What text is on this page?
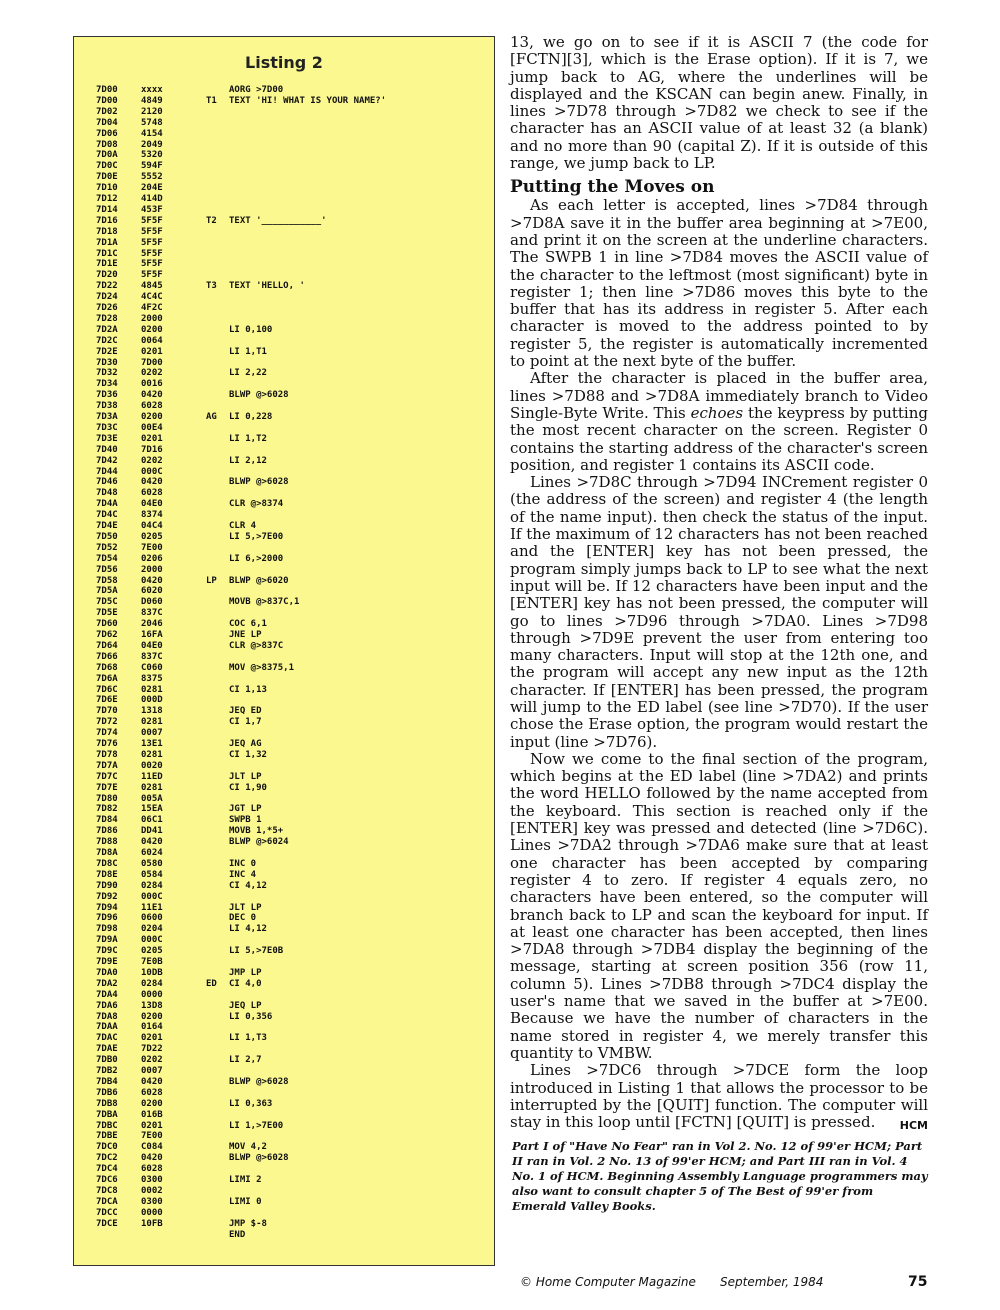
Listing 2
7D00	xxxx	AORG >7D00
7D00	4849	T1 TEXT 'HI! WHAT IS YOUR NAME?'
7D02	2120
7D04	5748
7D06	4154
7D08	2049
7D0A	5320
7D0C	594F
7D0E	5552
7D10	204E
7D12	414D
7D14	453F
7D16	5F5F	T2 TEXT '___________'
7D18	5F5F
7D1A	5F5F
7D1C	5F5F
7D1E	5F5F
7D20	5F5F
7D22	4845	T3 TEXT 'HELLO, '
7D24	4C4C
7D26	4F2C
7D28	2000
7D2A	0200	LI 0,100
7D2C	0064
7D2E	0201	LI 1,T1
7D30	7D00
7D32	0202	LI 2,22
7D34	0016
7D36	0420	BLWP @>6028
7D38	6028
7D3A	0200	AG LI 0,228
7D3C	00E4
7D3E	0201	LI 1,T2
7D40	7D16
7D42	0202	LI 2,12
7D44	000C
7D46	0420	BLWP @>6028
7D48	6028
7D4A	04E0	CLR @>8374
7D4C	8374
7D4E	04C4	CLR 4
7D50	0205	LI 5,>7E00
7D52	7E00
7D54	0206	LI 6,>2000
7D56	2000
7D58	0420	LP BLWP @>6020
7D5A	6020
7D5C	D060	MOVB @>837C,1
7D5E	837C
7D60	2046	COC 6,1
7D62	16FA	JNE LP
7D64	04E0	CLR @>837C
7D66	837C
7D68	C060	MOV @>8375,1
7D6A	8375
7D6C	0281	CI 1,13
7D6E	000D
7D70	1318	JEQ ED
7D72	0281	CI 1,7
7D74	0007
7D76	13E1	JEQ AG
7D78	0281	CI 1,32
7D7A	0020
7D7C	11ED	JLT LP
7D7E	0281	CI 1,90
7D80	005A
7D82	15EA	JGT LP
7D84	06C1	SWPB 1
7D86	DD41	MOVB 1,*5+
7D88	0420	BLWP @>6024
7D8A	6024
7D8C	0580	INC 0
7D8E	0584	INC 4
7D90	0284	CI 4,12
7D92	000C
7D94	11E1	JLT LP
7D96	0600	DEC 0
7D98	0204	LI 4,12
7D9A	000C
7D9C	0205	LI 5,>7E0B
7D9E	7E0B
7DA0	10DB	JMP LP
7DA2	0284	ED CI 4,0
7DA4	0000
7DA6	13D8	JEQ LP
7DA8	0200	LI 0,356
7DAA	0164
7DAC	0201	LI 1,T3
7DAE	7D22
7DB0	0202	LI 2,7
7DB2	0007
7DB4	0420	BLWP @>6028
7DB6	6028
7DB8	0200	LI 0,363
7DBA	016B
7DBC	0201	LI 1,>7E00
7DBE	7E00
7DC0	C084	MOV 4,2
7DC2	0420	BLWP @>6028
7DC4	6028
7DC6	0300	LIMI 2
7DC8	0002
7DCA	0300	LIMI 0
7DCC	0000
7DCE	10FB	JMP $-8
END

13, we go on to see if it is ASCII 7 (the code for [FCTN][3], which is the Erase option). If it is 7, we jump back to AG, where the underlines will be displayed and the KSCAN can begin anew. Finally, in lines >7D78 through >7D82 we check to see if the character has an ASCII value of at least 32 (a blank) and no more than 90 (capital Z). If it is outside of this range, we jump back to LP.

Putting the Moves on

As each letter is accepted, lines >7D84 through >7D8A save it in the buffer area beginning at >7E00, and print it on the screen at the underline characters. The SWPB 1 in line >7D84 moves the ASCII value of the character to the leftmost (most significant) byte in register 1; then line >7D86 moves this byte to the buffer that has its address in register 5. After each character is moved to the address pointed to by register 5, the register is automatically incremented to point at the next byte of the buffer.

After the character is placed in the buffer area, lines >7D88 and >7D8A immediately branch to Video Single-Byte Write. This echoes the keypress by putting the most recent character on the screen. Register 0 contains the starting address of the character's screen position, and register 1 contains its ASCII code.

Lines >7D8C through >7D94 INCrement register 0 (the address of the screen) and register 4 (the length of the name input). then check the status of the input. If the maximum of 12 characters has not been reached and the [ENTER] key has not been pressed, the program simply jumps back to LP to see what the next input will be. If 12 characters have been input and the [ENTER] key has not been pressed, the computer will go to lines >7D96 through >7DA0. Lines >7D98 through >7D9E prevent the user from entering too many characters. Input will stop at the 12th one, and the program will accept any new input as the 12th character. If [ENTER] has been pressed, the program will jump to the ED label (see line >7D70). If the user chose the Erase option, the program would restart the input (line >7D76).

Now we come to the final section of the program, which begins at the ED label (line >7DA2) and prints the word HELLO followed by the name accepted from the keyboard. This section is reached only if the [ENTER] key was pressed and detected (line >7D6C). Lines >7DA2 through >7DA6 make sure that at least one character has been accepted by comparing register 4 to zero. If register 4 equals zero, no characters have been entered, so the computer will branch back to LP and scan the keyboard for input. If at least one character has been accepted, then lines >7DA8 through >7DB4 display the beginning of the message, starting at screen position 356 (row 11, column 5). Lines >7DB8 through >7DC4 display the user's name that we saved in the buffer at >7E00. Because we have the number of characters in the name stored in register 4, we merely transfer this quantity to VMBW.

Lines >7DC6 through >7DCE form the loop introduced in Listing 1 that allows the processor to be interrupted by the [QUIT] function. The computer will stay in this loop until [FCTN] [QUIT] is pressed.	HCM

Part I of "Have No Fear" ran in Vol 2. No. 12 of 99'er HCM; Part II ran in Vol. 2 No. 13 of 99'er HCM; and Part III ran in Vol. 4 No. 1 of HCM. Beginning Assembly Language programmers may also want to consult chapter 5 of The Best of 99'er from Emerald Valley Books.
© Home Computer Magazine September, 1984	75
